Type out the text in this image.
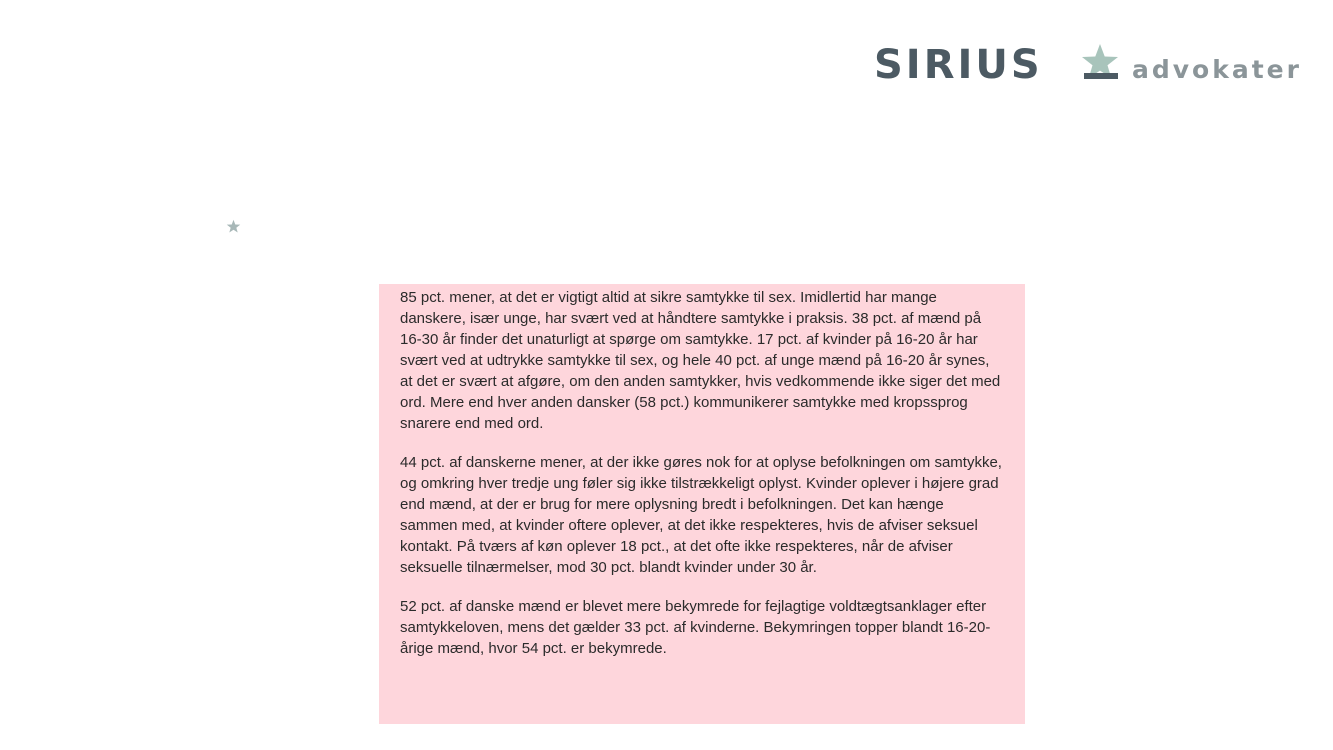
SIRIUS	advokater

85 pct. mener, at det er vigtigt altid at sikre samtykke til sex. Imidlertid har mange danskere, især unge, har svært ved at håndtere samtykke i praksis. 38 pct. af mænd på 16-30 år finder det unaturligt at spørge om samtykke. 17 pct. af kvinder på 16-20 år har svært ved at udtrykke samtykke til sex, og hele 40 pct. af unge mænd på 16-20 år synes, at det er svært at afgøre, om den anden samtykker, hvis vedkommende ikke siger det med ord. Mere end hver anden dansker (58 pct.) kommunikerer samtykke med kropssprog snarere end med ord.

44 pct. af danskerne mener, at der ikke gøres nok for at oplyse befolkningen om samtykke, og omkring hver tredje ung føler sig ikke tilstrækkeligt oplyst. Kvinder oplever i højere grad end mænd, at der er brug for mere oplysning bredt i befolkningen. Det kan hænge sammen med, at kvinder oftere oplever, at det ikke respekteres, hvis de afviser seksuel kontakt. På tværs af køn oplever 18 pct., at det ofte ikke respekteres, når de afviser seksuelle tilnærmelser, mod 30 pct. blandt kvinder under 30 år.

52 pct. af danske mænd er blevet mere bekymrede for fejlagtige voldtægtsanklager efter samtykkeloven, mens det gælder 33 pct. af kvinderne. Bekymringen topper blandt 16-20-årige mænd, hvor 54 pct. er bekymrede.
